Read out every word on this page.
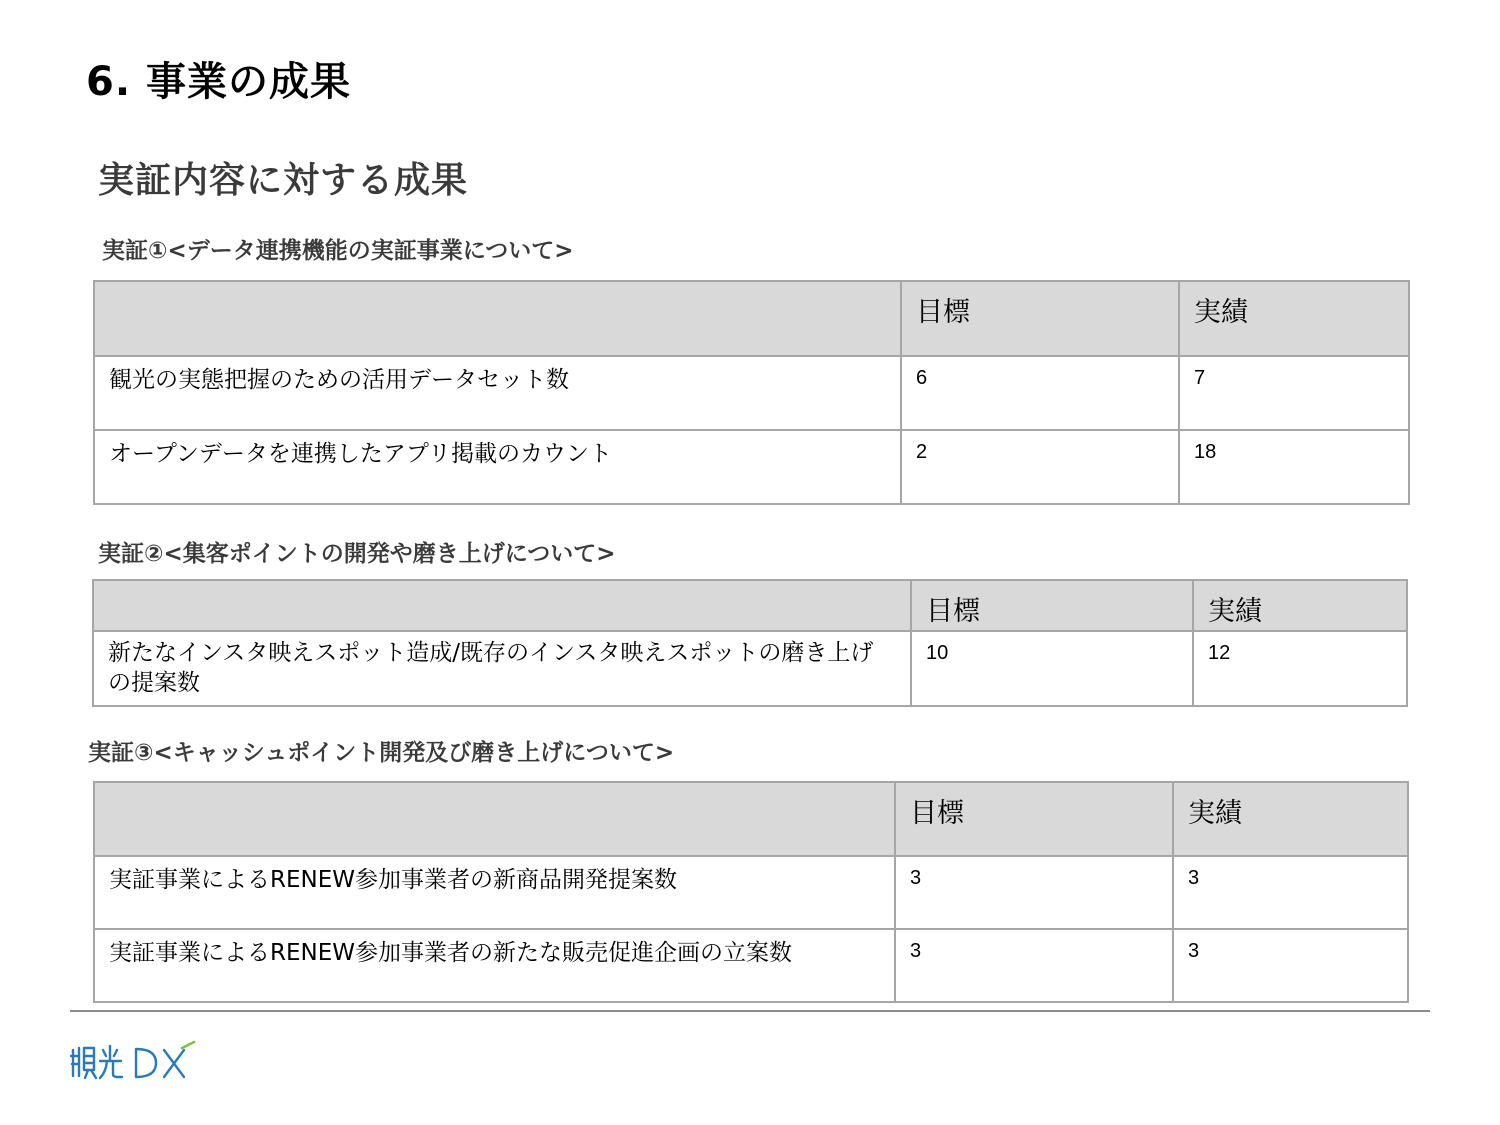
6. 事業の成果
実証内容に対する成果
実証①<データ連携機能の実証事業について>
	目標	実績
観光の実態把握のための活用データセット数	6	7
オープンデータを連携したアプリ掲載のカウント	2	18
実証②<集客ポイントの開発や磨き上げについて>
	目標	実績
新たなインスタ映えスポット造成/既存のインスタ映えスポットの磨き上げの提案数	10	12
実証③<キャッシュポイント開発及び磨き上げについて>
	目標	実績
実証事業によるRENEW参加事業者の新商品開発提案数	3	3
実証事業によるRENEW参加事業者の新たな販売促進企画の立案数	3	3
